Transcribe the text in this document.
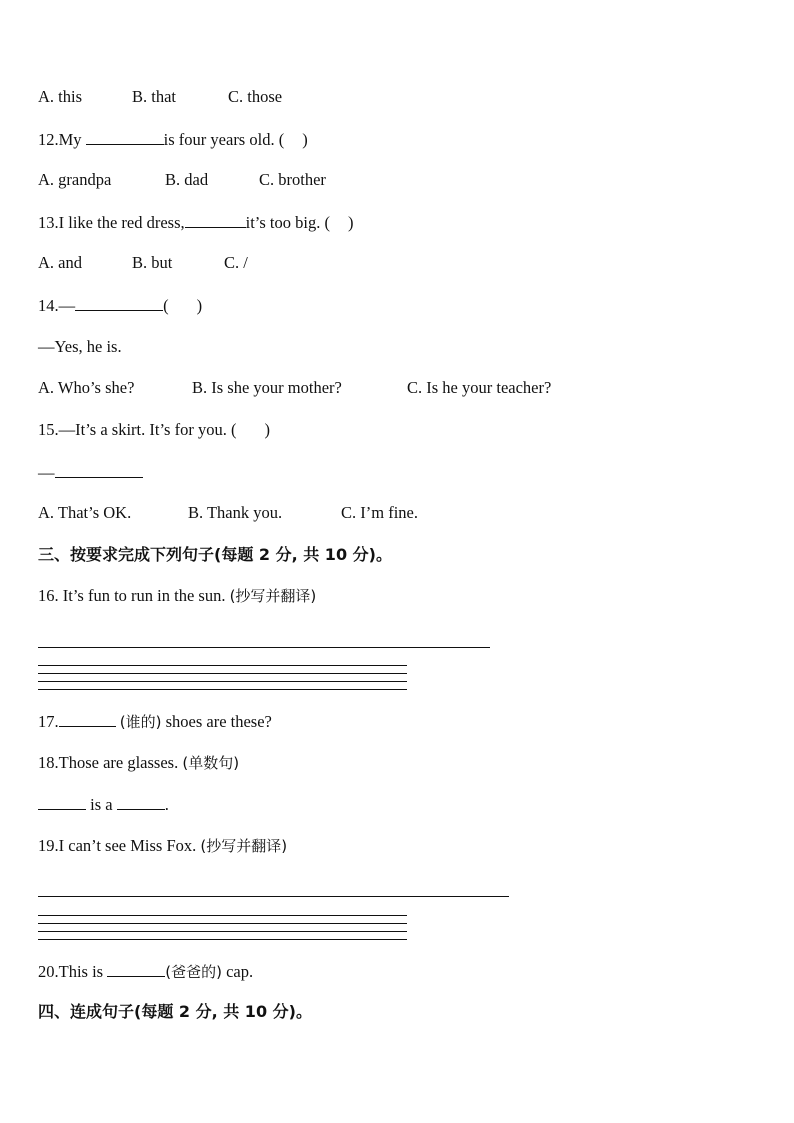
A. this	B. that	C. those
12.My	is four years old. ( )
A. grandpa	B. dad	C. brother
13.I like the red dress,	it’s too big. ( )
A. and	B. but	C. /
14.—	( )
—Yes, he is.
A. Who’s she?	B. Is she your mother?	C. Is he your teacher?
15.—It’s a skirt. It’s for you. ( )
—
A. That’s OK.	B. Thank you.	C. I’m fine.
三、按要求完成下列句子(每题 2 分, 共 10 分)。
16. It’s fun to run in the sun. (抄写并翻译)
17.	(谁的) shoes are these?
18.Those are glasses. (单数句)
is a	.
19.I can’t see Miss Fox. (抄写并翻译)
20.This is	(爸爸的) cap.
四、连成句子(每题 2 分, 共 10 分)。
